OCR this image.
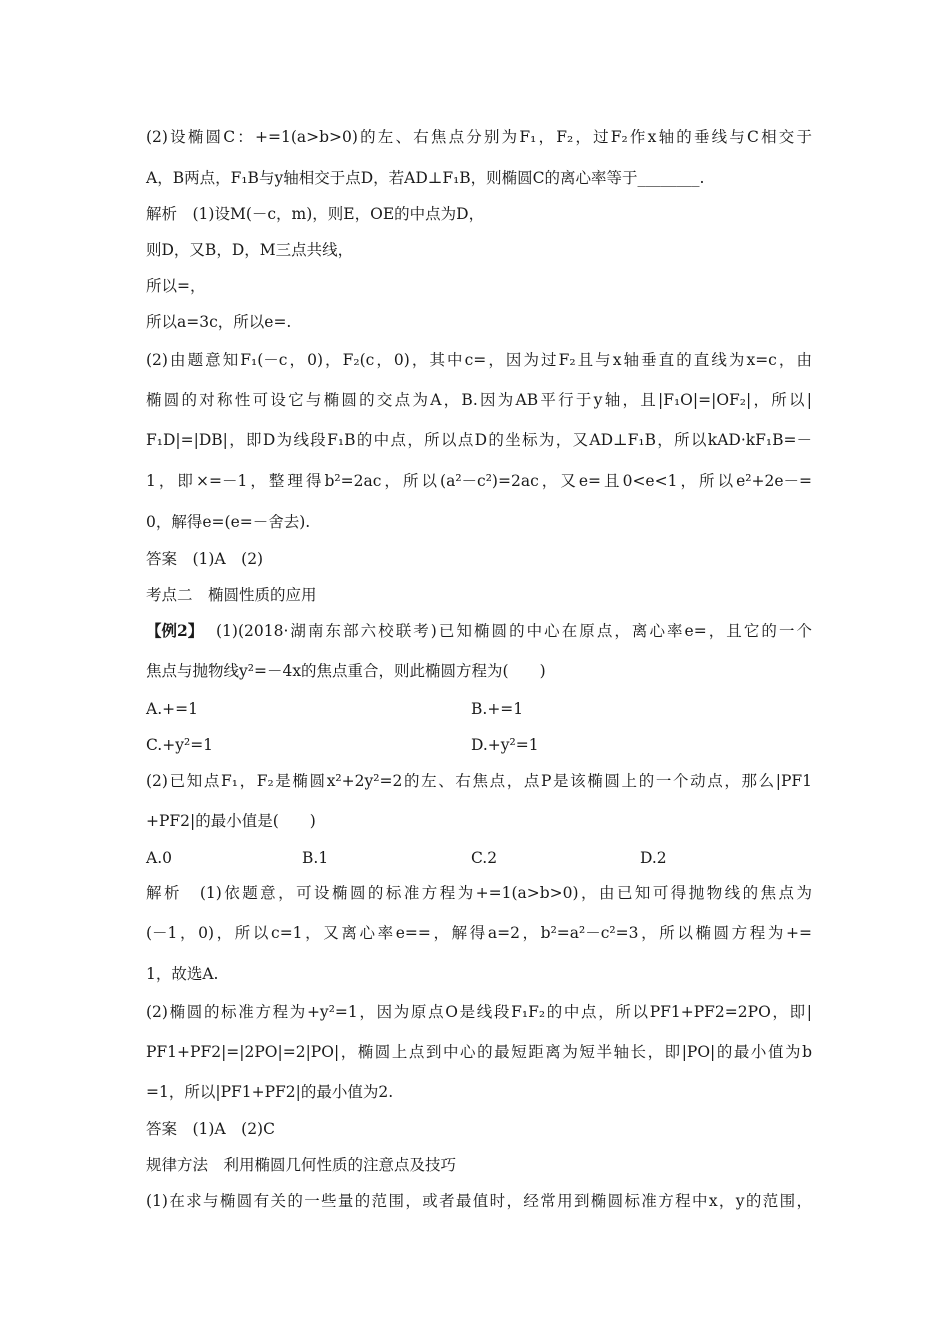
(2)设椭圆C：+=1(a>b>0)的左、右焦点分别为F₁，F₂，过F₂作x轴的垂线与C相交于
A，B两点，F₁B与y轴相交于点D，若AD⊥F₁B，则椭圆C的离心率等于________.
解析　(1)设M(－c，m)，则E，OE的中点为D，
则D，又B，D，M三点共线，
所以=，
所以a=3c，所以e=.
(2)由题意知F₁(－c，0)，F₂(c，0)，其中c=，因为过F₂且与x轴垂直的直线为x=c，由
椭圆的对称性可设它与椭圆的交点为A，B.因为AB平行于y轴，且|F₁O|=|OF₂|，所以|
F₁D|=|DB|，即D为线段F₁B的中点，所以点D的坐标为，又AD⊥F₁B，所以kAD·kF₁B=－
1，即×=－1，整理得b²=2ac，所以(a²－c²)=2ac，又e=且0<e<1，所以e²+2e－=
0，解得e=(e=－舍去).
答案　(1)A　(2)
考点二　椭圆性质的应用
【例2】 (1)(2018·湖南东部六校联考)已知椭圆的中心在原点，离心率e=，且它的一个
焦点与抛物线y²=－4x的焦点重合，则此椭圆方程为(　　)
A.+=1	B.+=1
C.+y²=1	D.+y²=1
(2)已知点F₁，F₂是椭圆x²+2y²=2的左、右焦点，点P是该椭圆上的一个动点，那么|PF1
+PF2|的最小值是(　　)
A.0	B.1	C.2	D.2
解析　(1)依题意，可设椭圆的标准方程为+=1(a>b>0)，由已知可得抛物线的焦点为
(－1，0)，所以c=1，又离心率e==，解得a=2，b²=a²－c²=3，所以椭圆方程为+=
1，故选A.
(2)椭圆的标准方程为+y²=1，因为原点O是线段F₁F₂的中点，所以PF1+PF2=2PO，即|
PF1+PF2|=|2PO|=2|PO|，椭圆上点到中心的最短距离为短半轴长，即|PO|的最小值为b
=1，所以|PF1+PF2|的最小值为2.
答案　(1)A　(2)C
规律方法　利用椭圆几何性质的注意点及技巧
(1)在求与椭圆有关的一些量的范围，或者最值时，经常用到椭圆标准方程中x，y的范围，
